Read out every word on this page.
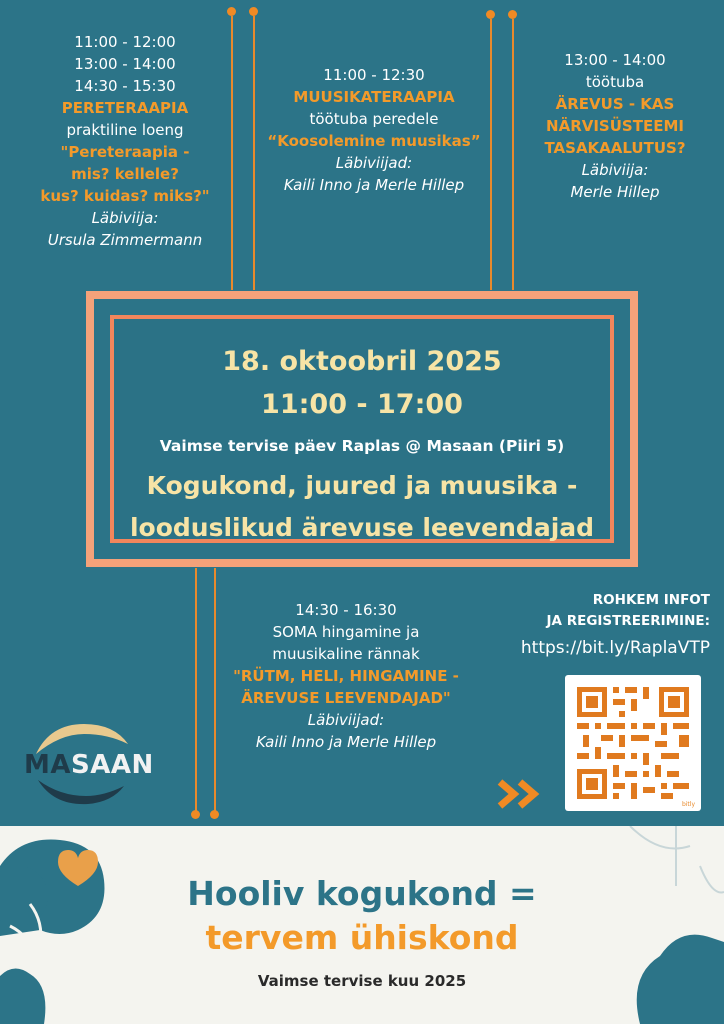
11:00 - 12:00
13:00 - 14:00
14:30 - 15:30
PERETERAAPIA
praktiline loeng
"Pereteraapia -
mis? kellele?
kus? kuidas? miks?"
Läbiviija:
Ursula Zimmermann
11:00 - 12:30
MUUSIKATERAAPIA
töötuba peredele
“Koosolemine muusikas”
Läbiviijad:
Kaili Inno ja Merle Hillep
13:00 - 14:00
töötuba
ÄREVUS - KAS
NÄRVISÜSTEEMI
TASAKAALUTUS?
Läbiviija:
Merle Hillep
18. oktoobril 2025
11:00 - 17:00
Vaimse tervise päev Raplas @ Masaan (Piiri 5)
Kogukond, juured ja muusika -
looduslikud ärevuse leevendajad
14:30 - 16:30
SOMA hingamine ja
muusikaline rännak
"RÜTM, HELI, HINGAMINE -
ÄREVUSE LEEVENDAJAD"
Läbiviijad:
Kaili Inno ja Merle Hillep
ROHKEM INFOT
JA REGISTREERIMINE:
https://bit.ly/RaplaVTP
bitly
MASAAN
Hooliv kogukond =
tervem ühiskond
Vaimse tervise kuu 2025
